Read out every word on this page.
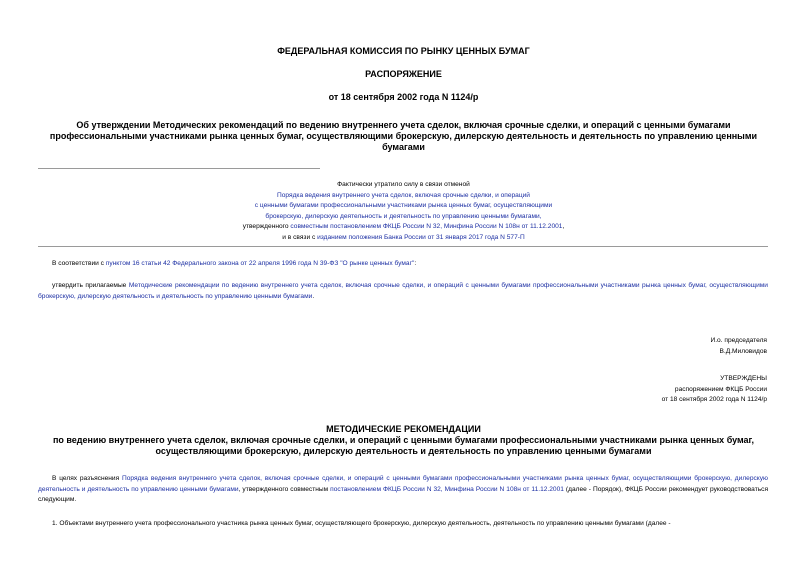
ФЕДЕРАЛЬНАЯ КОМИССИЯ ПО РЫНКУ ЦЕННЫХ БУМАГ
РАСПОРЯЖЕНИЕ
от 18 сентября 2002 года N 1124/р
Об утверждении Методических рекомендаций по ведению внутреннего учета сделок, включая срочные сделки, и операций с ценными бумагами
профессиональными участниками рынка ценных бумаг, осуществляющими брокерскую, дилерскую деятельность и деятельность по управлению ценными
бумагами
Фактически утратило силу в связи отменой
Порядка ведения внутреннего учета сделок, включая срочные сделки, и операций
с ценными бумагами профессиональными участниками рынка ценных бумаг, осуществляющими
брокерскую, дилерскую деятельность и деятельность по управлению ценными бумагами,
утвержденного совместным постановлением ФКЦБ России N 32, Минфина России N 108н от 11.12.2001,
и в связи с изданием положения Банка России от 31 января 2017 года N 577-П
В соответствии с пунктом 16 статьи 42 Федерального закона от 22 апреля 1996 года N 39-ФЗ "О рынке ценных бумаг":
утвердить прилагаемые Методические рекомендации по ведению внутреннего учета сделок, включая срочные сделки, и операций с ценными бумагами профессиональными участниками рынка ценных бумаг, осуществляющими брокерскую, дилерскую деятельность и деятельность по управлению ценными бумагами.
И.о. председателя
В.Д.Миловидов
УТВЕРЖДЕНЫ
распоряжением ФКЦБ России
от 18 сентября 2002 года N 1124/р
МЕТОДИЧЕСКИЕ РЕКОМЕНДАЦИИ
по ведению внутреннего учета сделок, включая срочные сделки, и операций с ценными бумагами профессиональными участниками рынка ценных бумаг,
осуществляющими брокерскую, дилерскую деятельность и деятельность по управлению ценными бумагами
В целях разъяснения Порядка ведения внутреннего учета сделок, включая срочные сделки, и операций с ценными бумагами профессиональными участниками рынка ценных бумаг, осуществляющими брокерскую, дилерскую деятельность и деятельность по управлению ценными бумагами, утвержденного совместным постановлением ФКЦБ России N 32, Минфина России N 108н от 11.12.2001 (далее - Порядок), ФКЦБ России рекомендует руководствоваться следующим.
1. Объектами внутреннего учета профессионального участника рынка ценных бумаг, осуществляющего брокерскую, дилерскую деятельность, деятельность по управлению ценными бумагами (далее -
